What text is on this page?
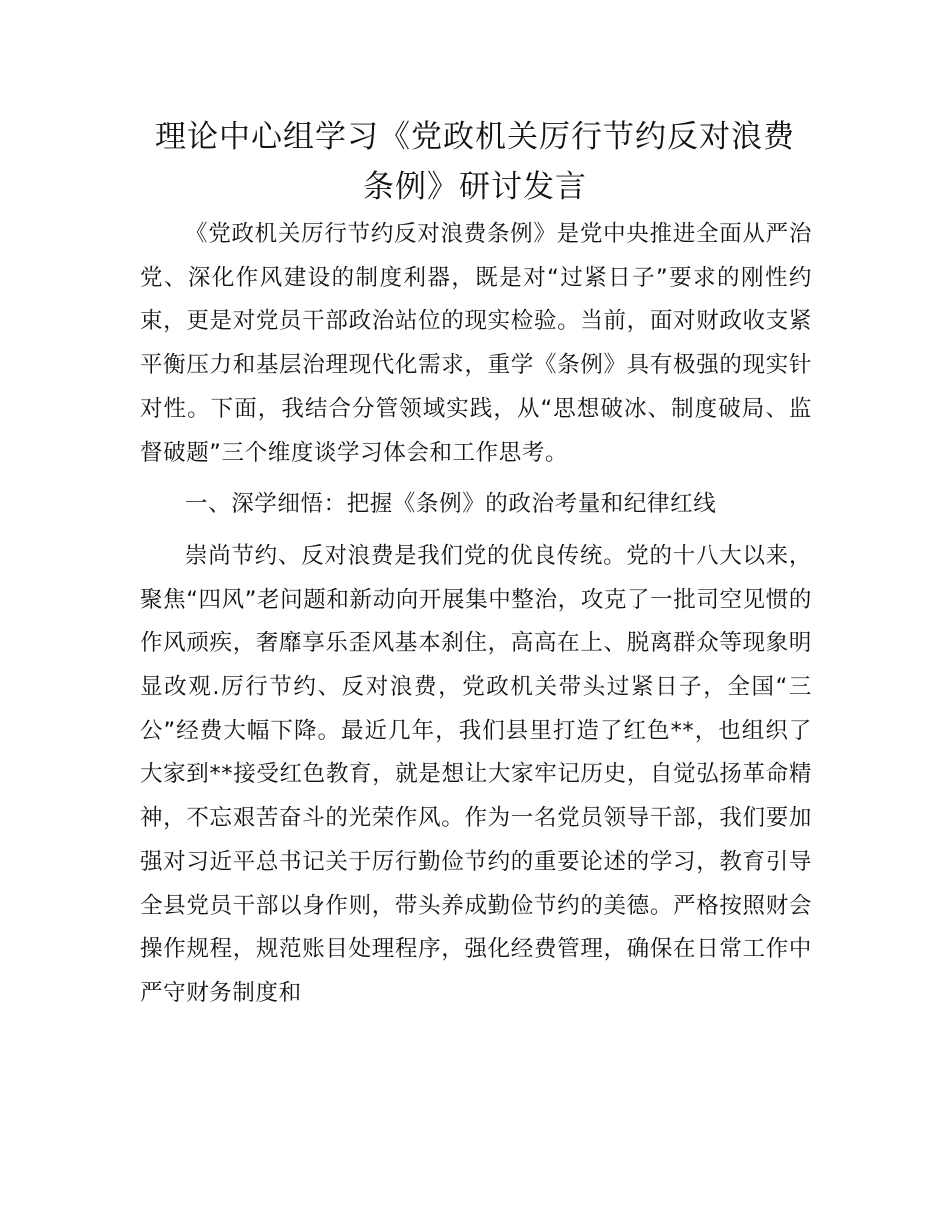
理论中心组学习《党政机关厉行节约反对浪费
条例》研讨发言

《党政机关厉行节约反对浪费条例》是党中央推进全面从严治党、深化作风建设的制度利器，既是对“过紧日子”要求的刚性约束，更是对党员干部政治站位的现实检验。当前，面对财政收支紧平衡压力和基层治理现代化需求，重学《条例》具有极强的现实针对性。下面，我结合分管领域实践，从“思想破冰、制度破局、监督破题”三个维度谈学习体会和工作思考。

一、深学细悟：把握《条例》的政治考量和纪律红线

崇尚节约、反对浪费是我们党的优良传统。党的十八大以来，聚焦“四风”老问题和新动向开展集中整治，攻克了一批司空见惯的作风顽疾，奢靡享乐歪风基本刹住，高高在上、脱离群众等现象明显改观.厉行节约、反对浪费，党政机关带头过紧日子，全国“三公”经费大幅下降。最近几年，我们县里打造了红色**，也组织了大家到**接受红色教育，就是想让大家牢记历史，自觉弘扬革命精神，不忘艰苦奋斗的光荣作风。作为一名党员领导干部，我们要加强对习近平总书记关于厉行勤俭节约的重要论述的学习，教育引导全县党员干部以身作则，带头养成勤俭节约的美德。严格按照财会操作规程，规范账目处理程序，强化经费管理，确保在日常工作中严守财务制度和
